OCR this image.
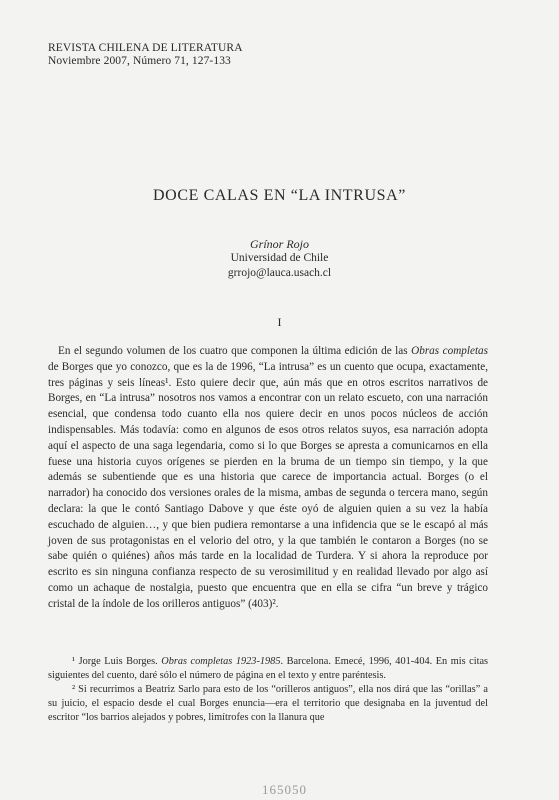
REVISTA CHILENA DE LITERATURA
Noviembre 2007, Número 71, 127-133
DOCE CALAS EN “LA INTRUSA”
Grínor Rojo
Universidad de Chile
grrojo@lauca.usach.cl
I
En el segundo volumen de los cuatro que componen la última edición de las Obras completas de Borges que yo conozco, que es la de 1996, “La intrusa” es un cuento que ocupa, exactamente, tres páginas y seis líneas¹. Esto quiere decir que, aún más que en otros escritos narrativos de Borges, en “La intrusa” nosotros nos vamos a encontrar con un relato escueto, con una narración esencial, que condensa todo cuanto ella nos quiere decir en unos pocos núcleos de acción indispensables. Más todavía: como en algunos de esos otros relatos suyos, esa narración adopta aquí el aspecto de una saga legendaria, como si lo que Borges se apresta a comunicarnos en ella fuese una historia cuyos orígenes se pierden en la bruma de un tiempo sin tiempo, y la que además se subentiende que es una historia que carece de importancia actual. Borges (o el narrador) ha conocido dos versiones orales de la misma, ambas de segunda o tercera mano, según declara: la que le contó Santiago Dabove y que éste oyó de alguien quien a su vez la había escuchado de alguien…, y que bien pudiera remontarse a una infidencia que se le escapó al más joven de sus protagonistas en el velorio del otro, y la que también le contaron a Borges (no se sabe quién o quiénes) años más tarde en la localidad de Turdera. Y si ahora la reproduce por escrito es sin ninguna confianza respecto de su verosimilitud y en realidad llevado por algo así como un achaque de nostalgia, puesto que encuentra que en ella se cifra “un breve y trágico cristal de la índole de los orilleros antiguos” (403)².

¹ Jorge Luis Borges. Obras completas 1923-1985. Barcelona. Emecé, 1996, 401-404. En mis citas siguientes del cuento, daré sólo el número de página en el texto y entre paréntesis.

² Si recurrimos a Beatriz Sarlo para esto de los “orilleros antiguos”, ella nos dirá que las “orillas” a su juicio, el espacio desde el cual Borges enuncia—era el territorio que designaba en la juventud del escritor “los barrios alejados y pobres, limítrofes con la llanura que

165050
